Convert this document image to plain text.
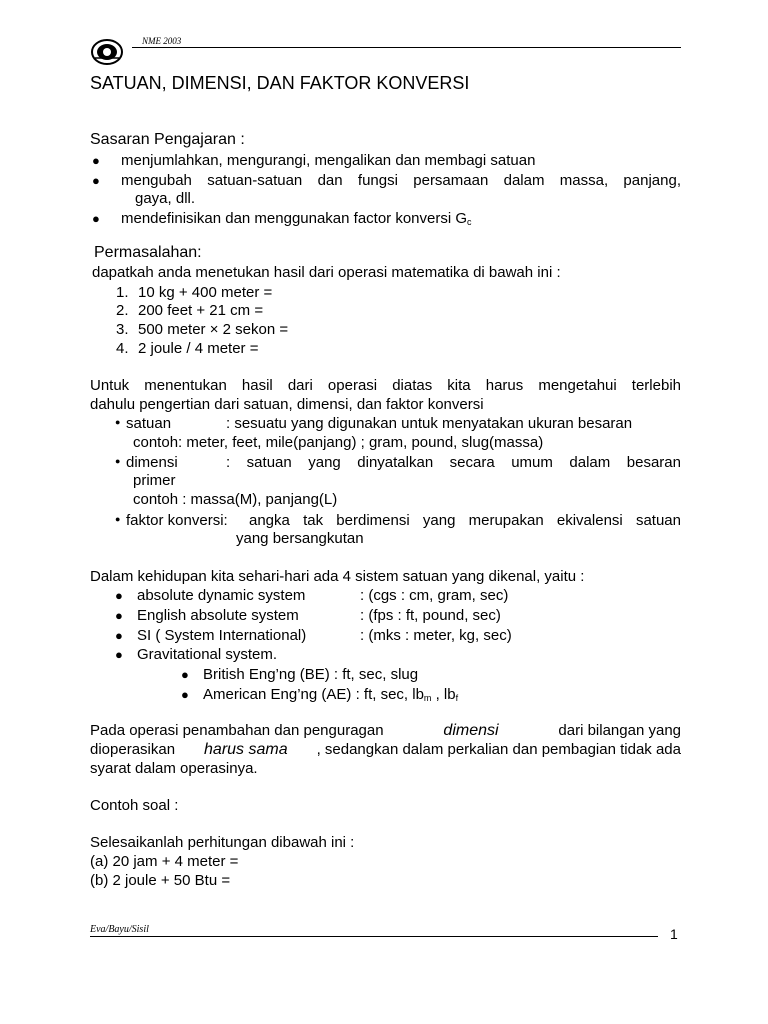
NME 2003
SATUAN, DIMENSI, DAN FAKTOR KONVERSI
Sasaran Pengajaran :
● menjumlahkan, mengurangi, mengalikan dan membagi satuan
● mengubah satuan-satuan dan fungsi persamaan dalam massa, panjang,
gaya, dll.
● mendefinisikan dan menggunakan factor konversi $G_c$
Permasalahan:
dapatkah anda menetukan hasil dari operasi matematika di bawah ini :
1. 10 kg + 400 meter =
2. 200 feet + 21 cm =
3. 500 meter × 2 sekon =
4. 2 joule / 4 meter =
Untuk menentukan hasil dari operasi diatas kita harus mengetahui terlebih
dahulu pengertian dari satuan, dimensi, dan faktor konversi
● satuan	: sesuatu yang digunakan untuk menyatakan ukuran besaran
contoh: meter, feet, mile(panjang) ; gram, pound, slug(massa)
● dimensi	: satuan yang dinyatalkan secara umum dalam besaran
primer
contoh : massa(M), panjang(L)
● faktor konversi: angka tak berdimensi yang merupakan ekivalensi satuan
yang bersangkutan
Dalam kehidupan kita sehari-hari ada 4 sistem satuan yang dikenal, yaitu :
● absolute dynamic system	: (cgs : cm, gram, sec)
● English absolute system	: (fps : ft, pound, sec)
● SI ( System International)	: (mks : meter, kg, sec)
● Gravitational system.
● British Eng’ng (BE) : ft, sec, slug
● American Eng’ng (AE) : ft, sec, $lb_m$ , $lb_f$
Pada operasi penambahan dan penguragan	dimensi	dari bilangan yang
dioperasikan harus sama , sedangkan dalam perkalian dan pembagian tidak ada
syarat dalam operasinya.
Contoh soal :
Selesaikanlah perhitungan dibawah ini :
(a) 20 jam + 4 meter =
(b) 2 joule + 50 Btu =
Eva/Bayu/Sisil	1
